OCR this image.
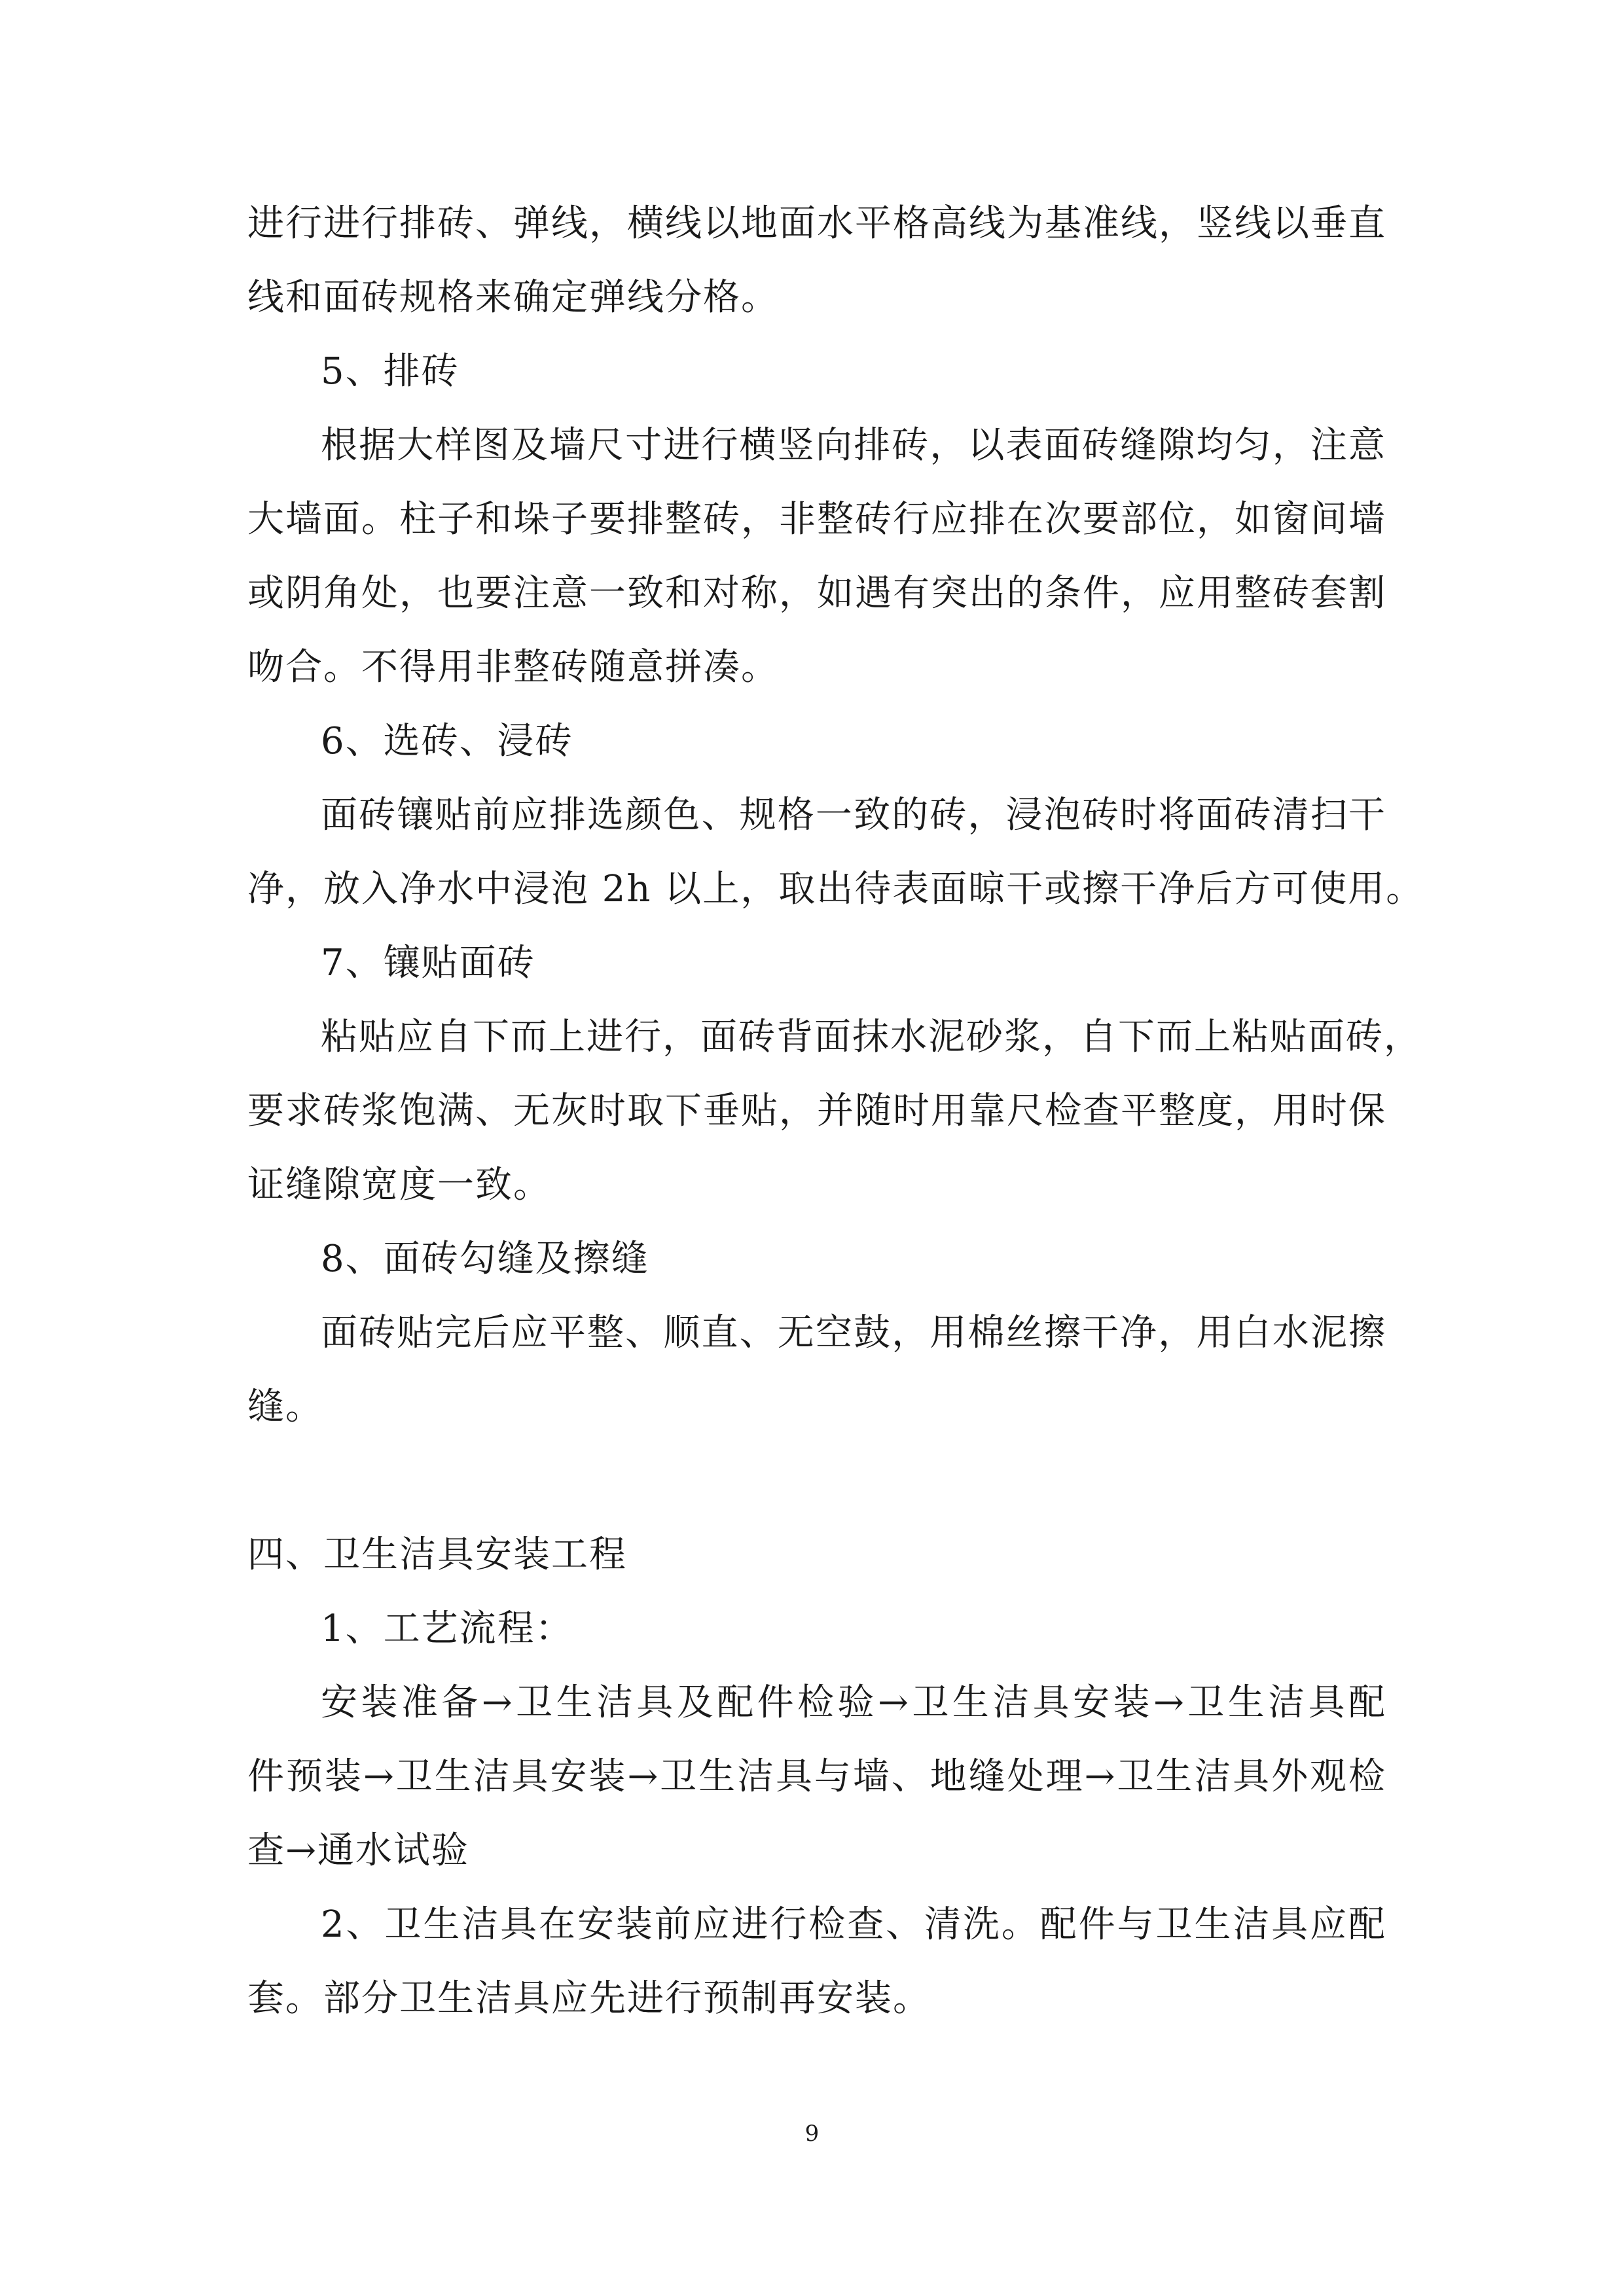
进行进行排砖、弹线，横线以地面水平格高线为基准线，竖线以垂直
线和面砖规格来确定弹线分格。
5、排砖
根据大样图及墙尺寸进行横竖向排砖，以表面砖缝隙均匀，注意
大墙面。柱子和垛子要排整砖，非整砖行应排在次要部位，如窗间墙
或阴角处，也要注意一致和对称，如遇有突出的条件，应用整砖套割
吻合。不得用非整砖随意拼凑。
6、选砖、浸砖
面砖镶贴前应排选颜色、规格一致的砖，浸泡砖时将面砖清扫干
净，放入净水中浸泡 2h 以上，取出待表面晾干或擦干净后方可使用。
7、镶贴面砖
粘贴应自下而上进行，面砖背面抹水泥砂浆，自下而上粘贴面砖，
要求砖浆饱满、无灰时取下垂贴，并随时用靠尺检查平整度，用时保
证缝隙宽度一致。
8、面砖勾缝及擦缝
面砖贴完后应平整、顺直、无空鼓，用棉丝擦干净，用白水泥擦
缝。
四、卫生洁具安装工程
1、工艺流程：
安装准备→卫生洁具及配件检验→卫生洁具安装→卫生洁具配
件预装→卫生洁具安装→卫生洁具与墙、地缝处理→卫生洁具外观检
查→通水试验
2、卫生洁具在安装前应进行检查、清洗。配件与卫生洁具应配
套。部分卫生洁具应先进行预制再安装。
9
